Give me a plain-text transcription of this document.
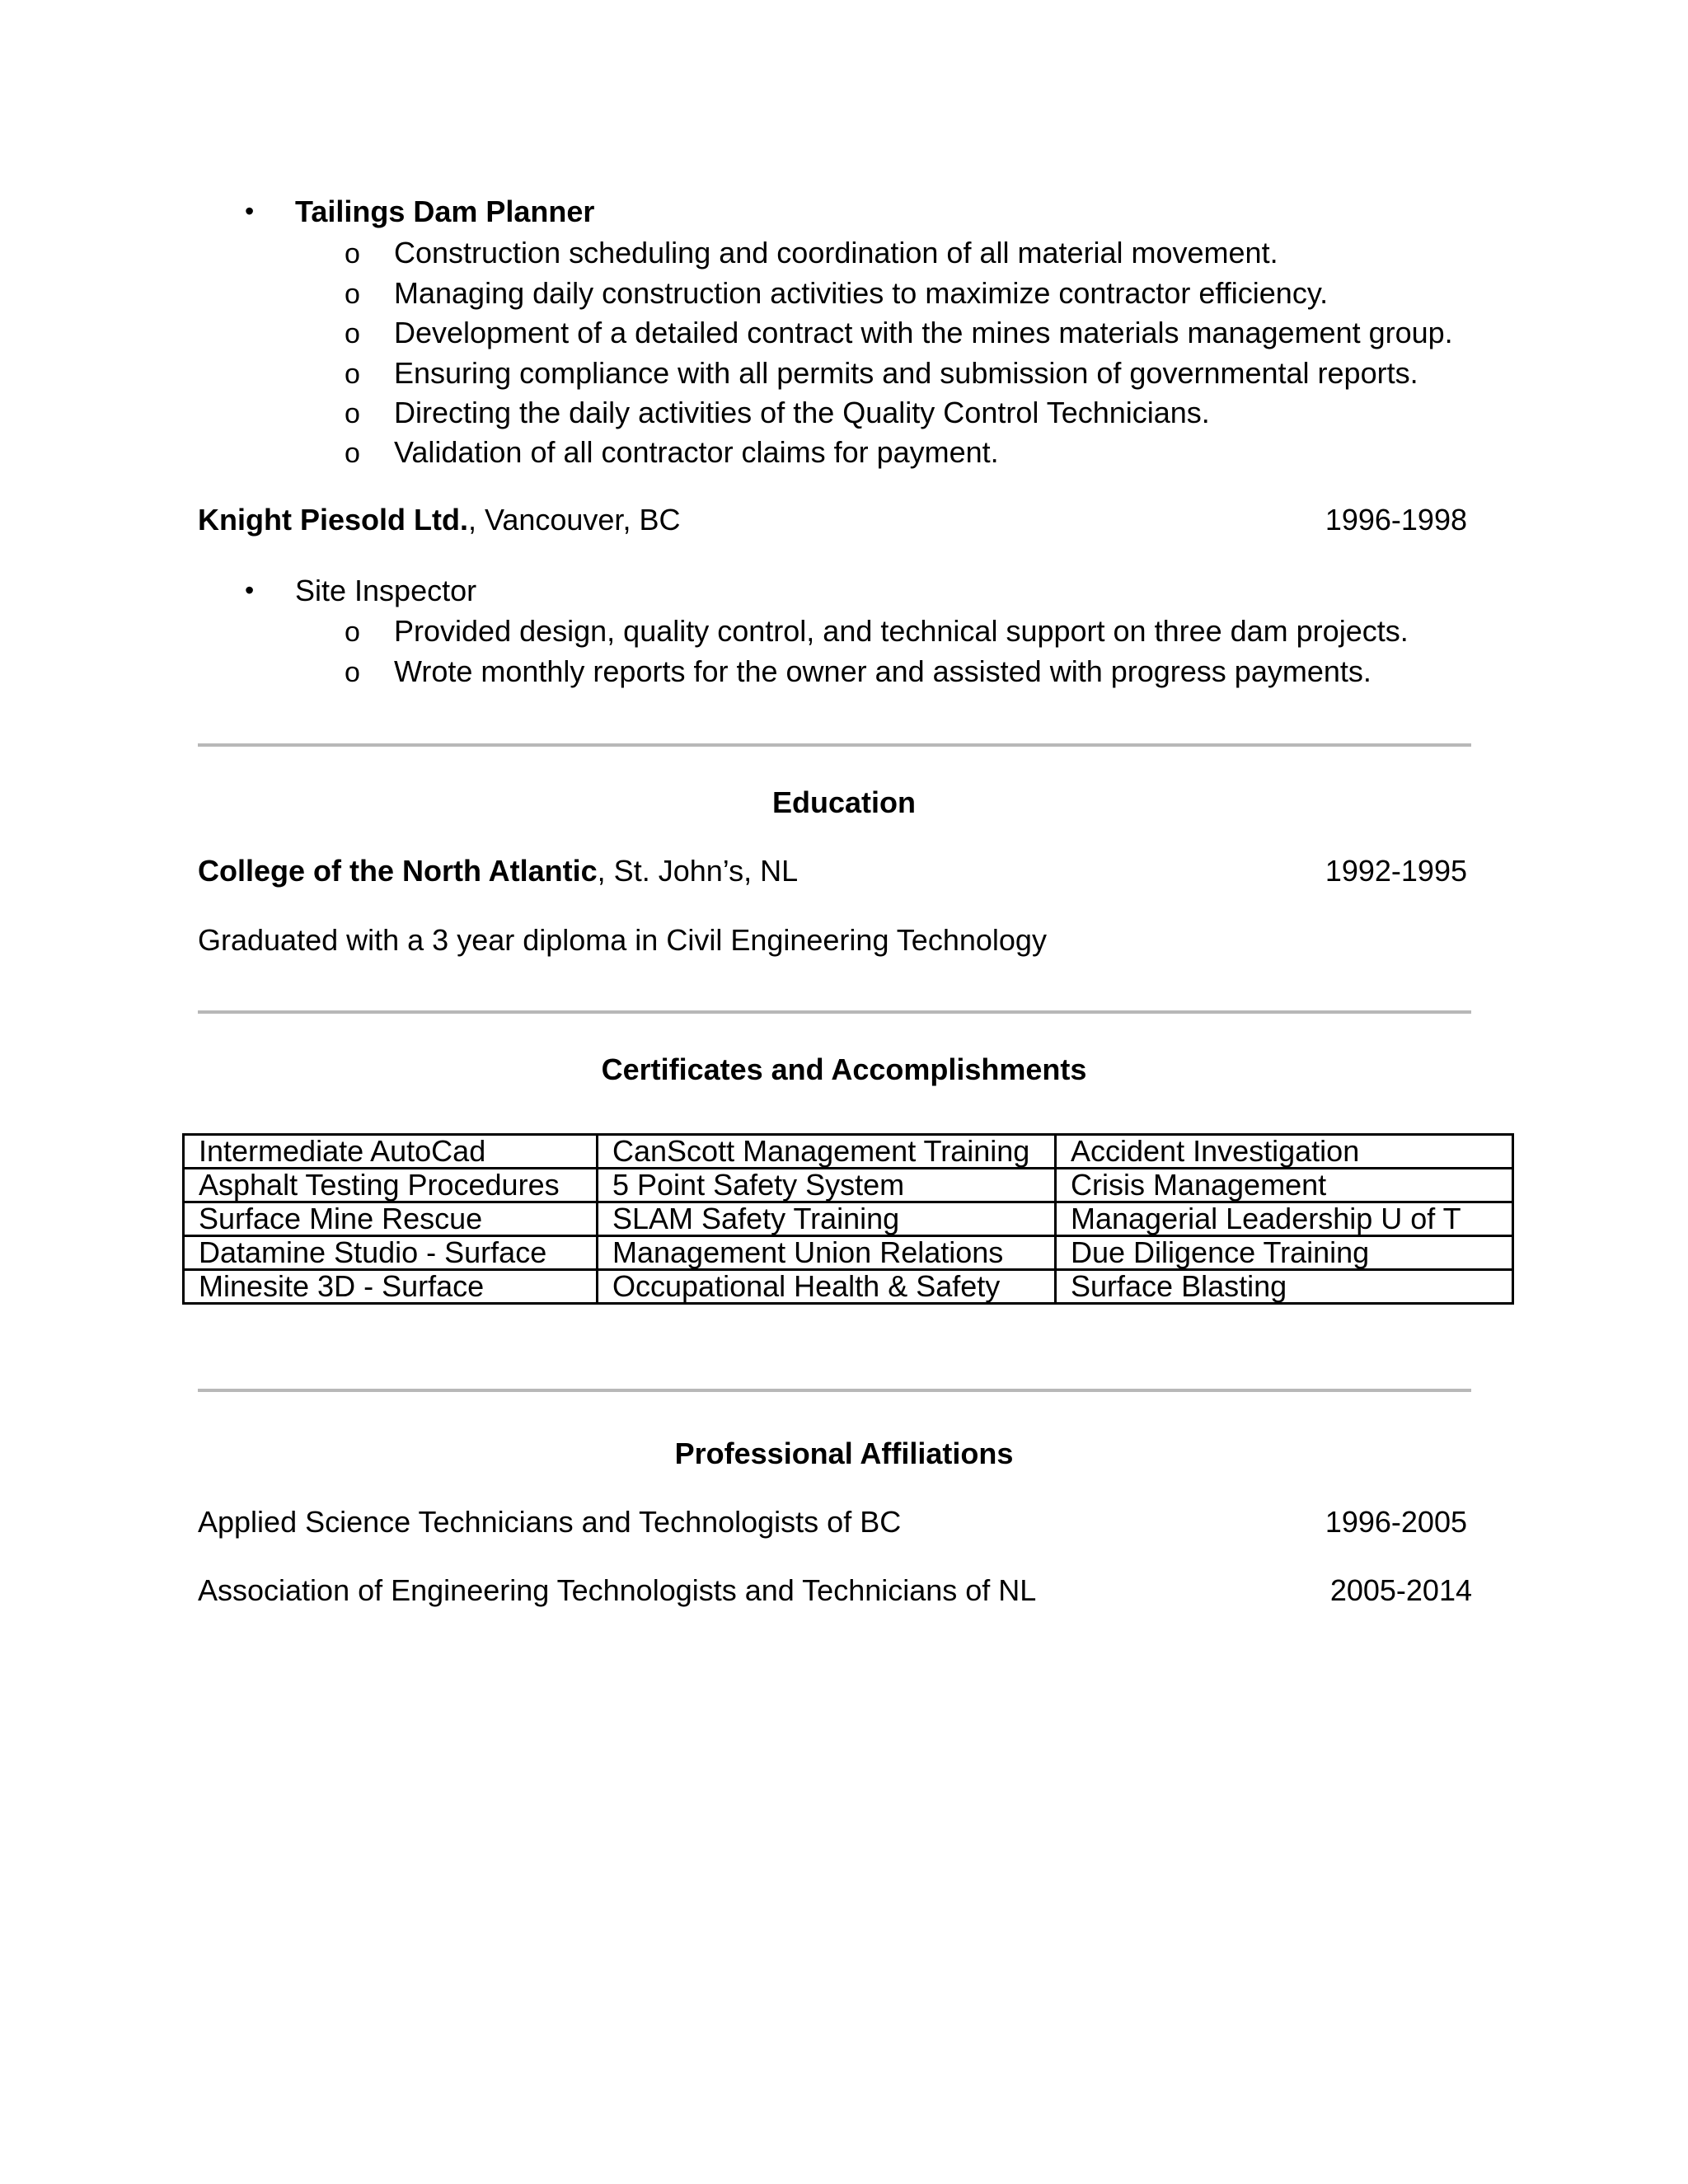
• Tailings Dam Planner
o Construction scheduling and coordination of all material movement.
o Managing daily construction activities to maximize contractor efficiency.
o Development of a detailed contract with the mines materials management group.
o Ensuring compliance with all permits and submission of governmental reports.
o Directing the daily activities of the Quality Control Technicians.
o Validation of all contractor claims for payment.
Knight Piesold Ltd., Vancouver, BC	1996-1998
• Site Inspector
o Provided design, quality control, and technical support on three dam projects.
o Wrote monthly reports for the owner and assisted with progress payments.
Education
College of the North Atlantic, St. John’s, NL	1992-1995
Graduated with a 3 year diploma in Civil Engineering Technology
Certificates and Accomplishments
Intermediate AutoCad	CanScott Management Training	Accident Investigation
Asphalt Testing Procedures	5 Point Safety System	Crisis Management
Surface Mine Rescue	SLAM Safety Training	Managerial Leadership U of T
Datamine Studio - Surface	Management Union Relations	Due Diligence Training
Minesite 3D - Surface	Occupational Health & Safety	Surface Blasting
Professional Affiliations
Applied Science Technicians and Technologists of BC	1996-2005
Association of Engineering Technologists and Technicians of NL	2005-2014
